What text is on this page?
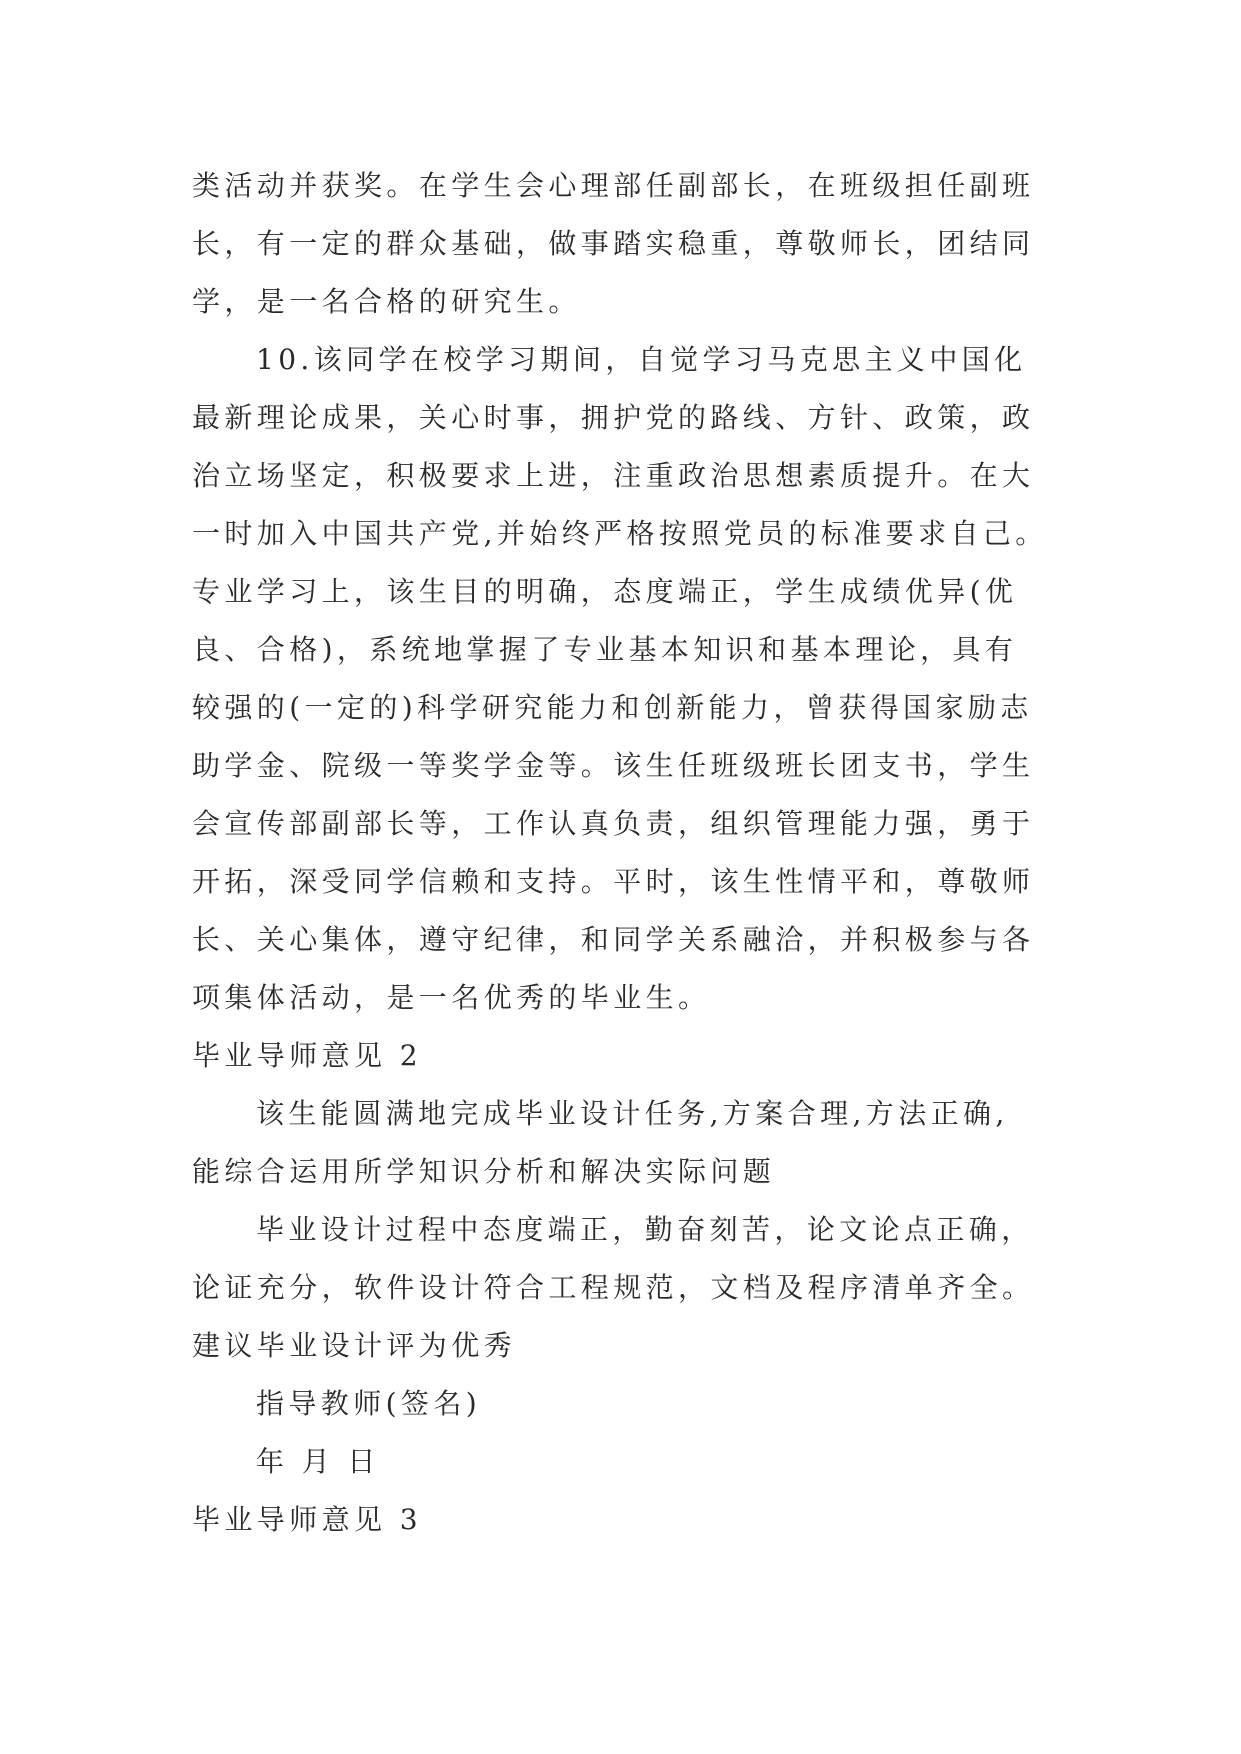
类活动并获奖。在学生会心理部任副部长，在班级担任副班
长，有一定的群众基础，做事踏实稳重，尊敬师长，团结同
学，是一名合格的研究生。
10.该同学在校学习期间，自觉学习马克思主义中国化
最新理论成果，关心时事，拥护党的路线、方针、政策，政
治立场坚定，积极要求上进，注重政治思想素质提升。在大
一时加入中国共产党,并始终严格按照党员的标准要求自己。
专业学习上，该生目的明确，态度端正，学生成绩优异(优
良、合格)，系统地掌握了专业基本知识和基本理论，具有
较强的(一定的)科学研究能力和创新能力，曾获得国家励志
助学金、院级一等奖学金等。该生任班级班长团支书，学生
会宣传部副部长等，工作认真负责，组织管理能力强，勇于
开拓，深受同学信赖和支持。平时，该生性情平和，尊敬师
长、关心集体，遵守纪律，和同学关系融洽，并积极参与各
项集体活动，是一名优秀的毕业生。
毕业导师意见 2
该生能圆满地完成毕业设计任务,方案合理,方法正确,
能综合运用所学知识分析和解决实际问题
毕业设计过程中态度端正，勤奋刻苦，论文论点正确，
论证充分，软件设计符合工程规范，文档及程序清单齐全。
建议毕业设计评为优秀
指导教师(签名)
年 月 日
毕业导师意见 3
